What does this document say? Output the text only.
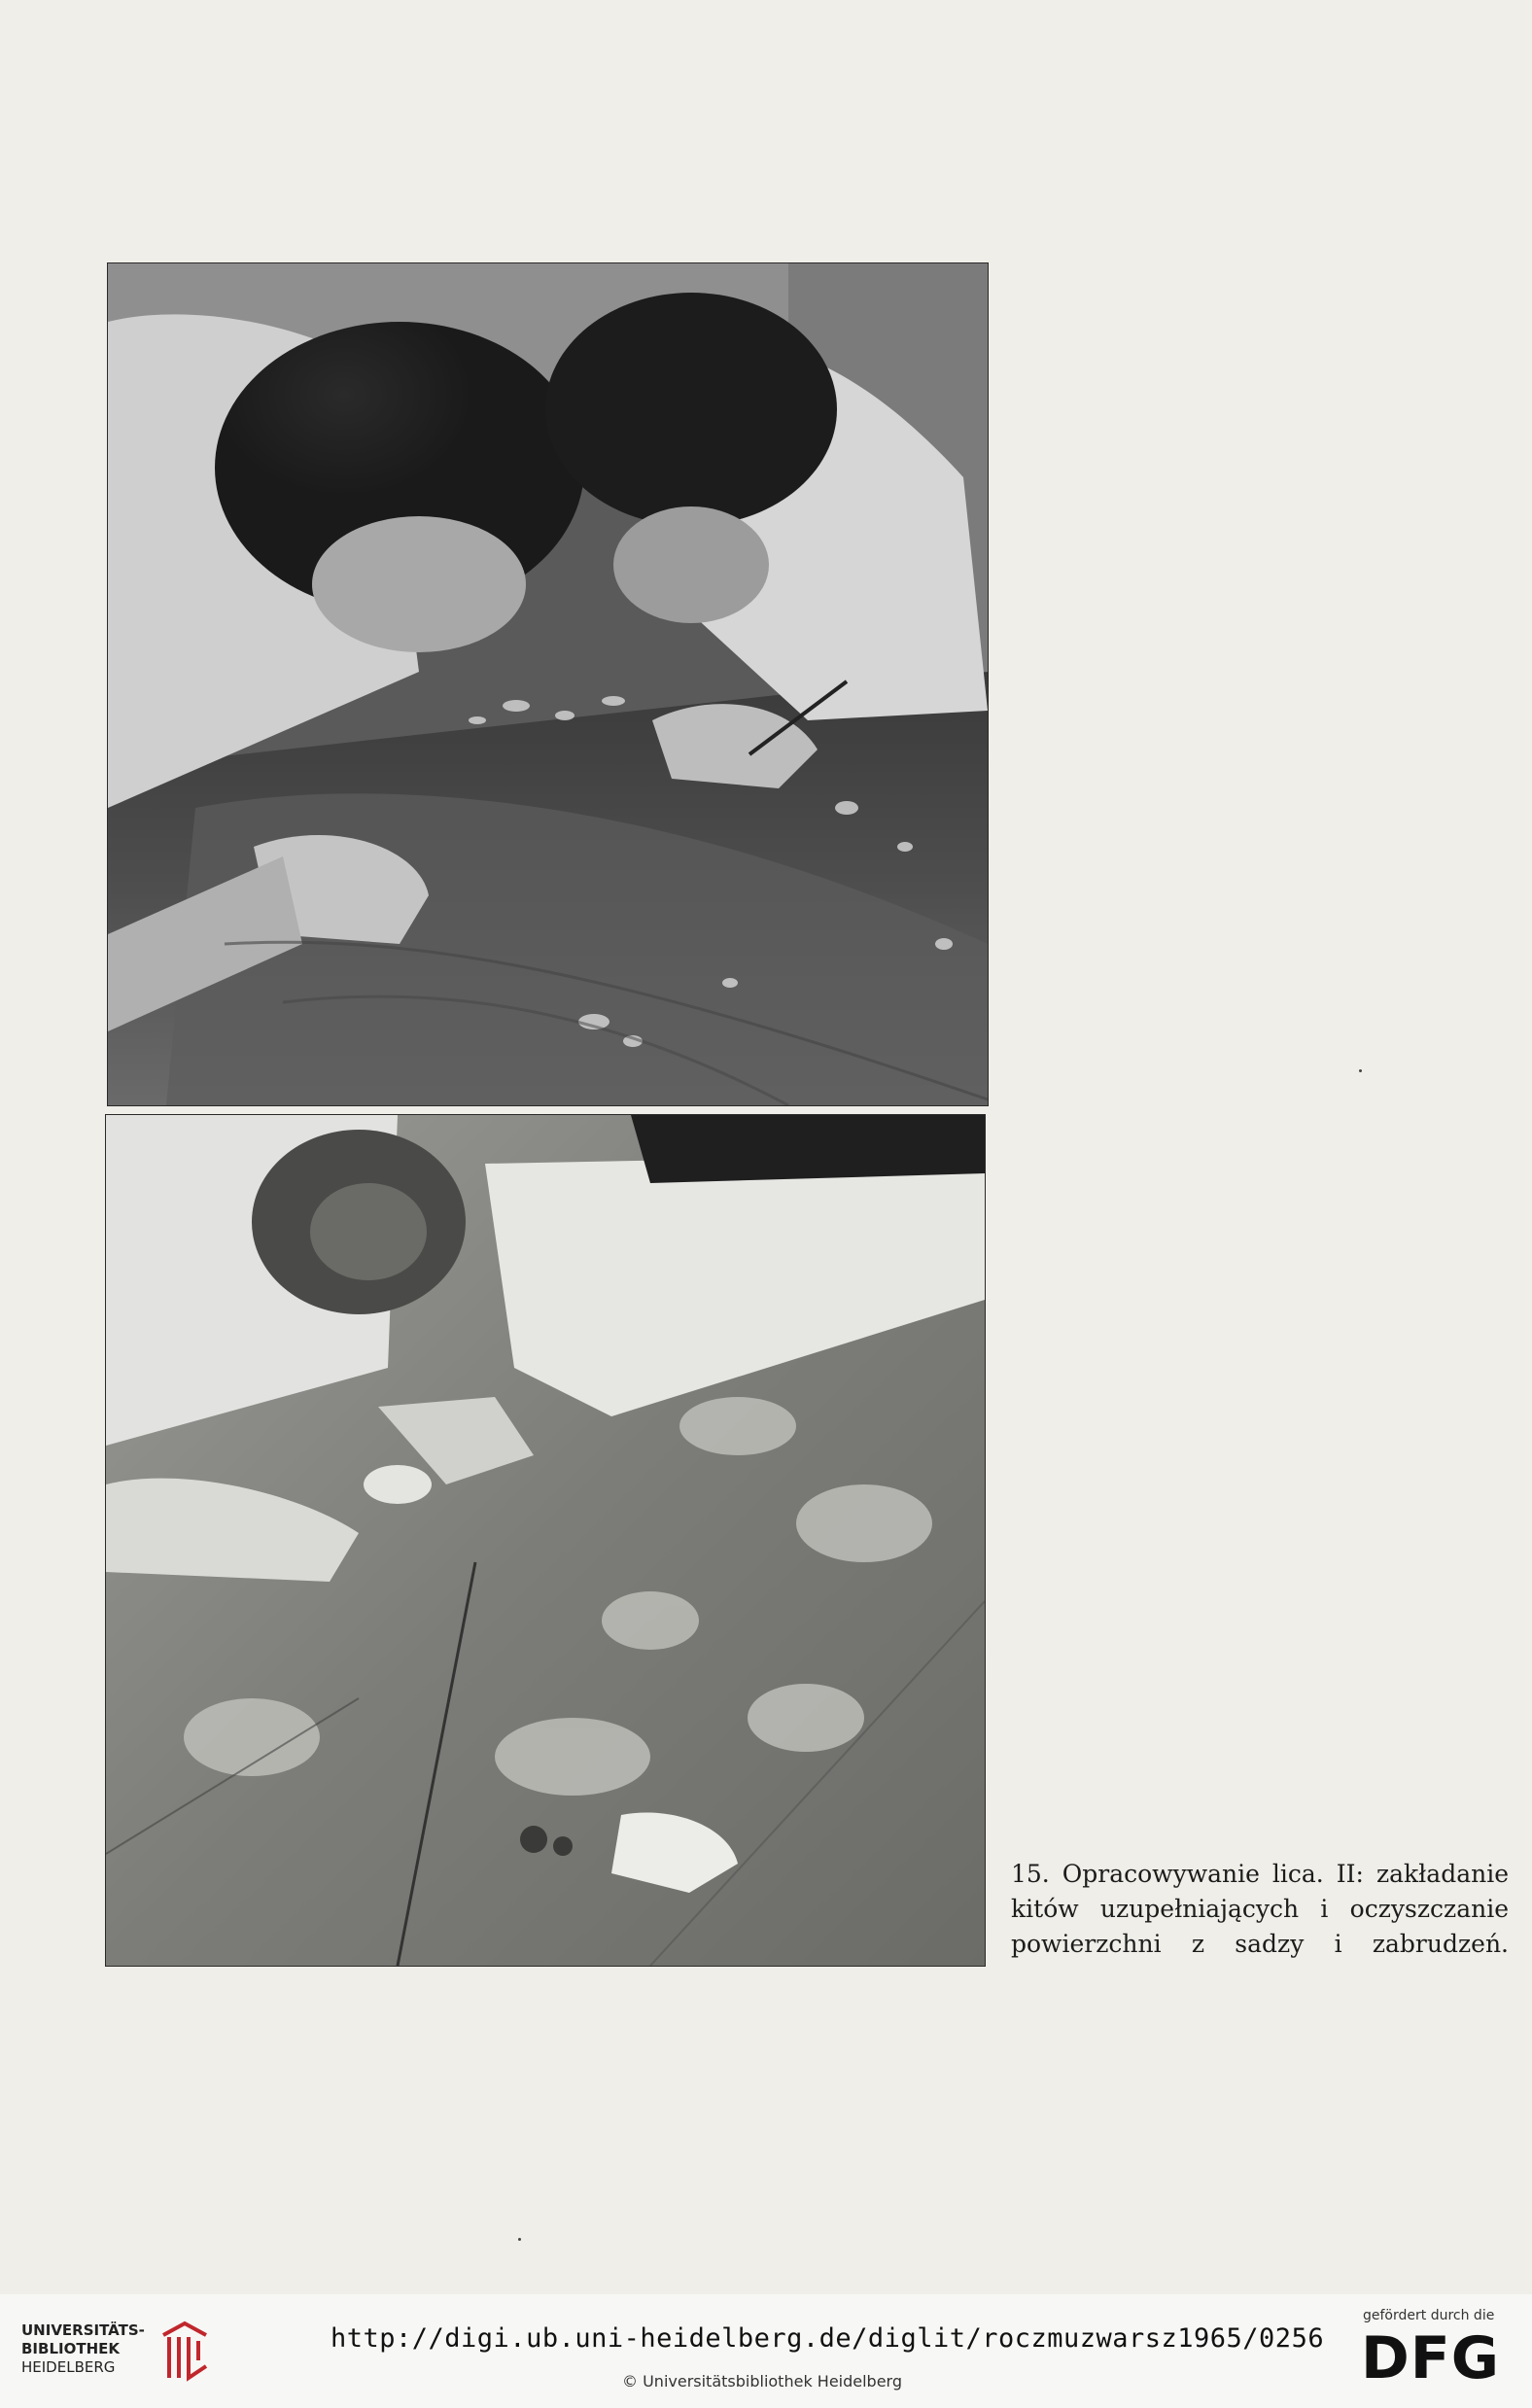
15. Opracowywanie lica. II: zakładanie
kitów uzupełniających i oczyszczanie
powierzchni z sadzy i zabrudzeń.
UNIVERSITÄTS-
BIBLIOTHEK
HEIDELBERG
http://digi.ub.uni-heidelberg.de/diglit/roczmuzwarsz1965/0256
© Universitätsbibliothek Heidelberg
gefördert durch die
DFG
